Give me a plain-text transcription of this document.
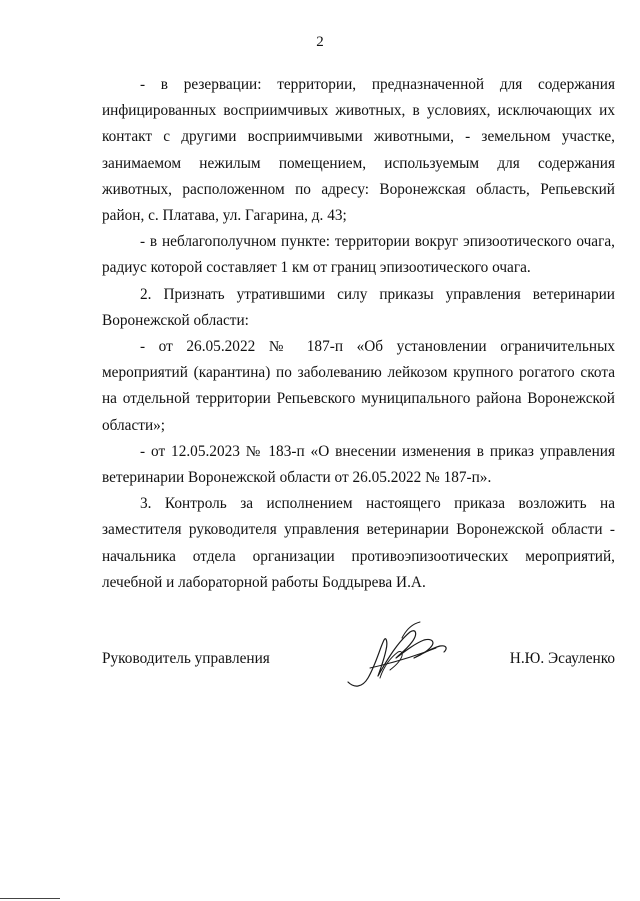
2

- в резервации: территории, предназначенной для содержания инфицированных восприимчивых животных, в условиях, исключающих их контакт с другими восприимчивыми животными, - земельном участке, занимаемом нежилым помещением, используемым для содержания животных, расположенном по адресу: Воронежская область, Репьевский район, с. Платава, ул. Гагарина, д. 43;

- в неблагополучном пункте: территории вокруг эпизоотического очага, радиус которой составляет 1 км от границ эпизоотического очага.

2. Признать утратившими силу приказы управления ветеринарии Воронежской области:

- от 26.05.2022 № 187-п «Об установлении ограничительных мероприятий (карантина) по заболеванию лейкозом крупного рогатого скота на отдельной территории Репьевского муниципального района Воронежской области»;

- от 12.05.2023 № 183-п «О внесении изменения в приказ управления ветеринарии Воронежской области от 26.05.2022 № 187-п».

3. Контроль за исполнением настоящего приказа возложить на заместителя руководителя управления ветеринарии Воронежской области - начальника отдела организации противоэпизоотических мероприятий, лечебной и лабораторной работы Боддырева И.А.

Руководитель управления	Н.Ю. Эсауленко
